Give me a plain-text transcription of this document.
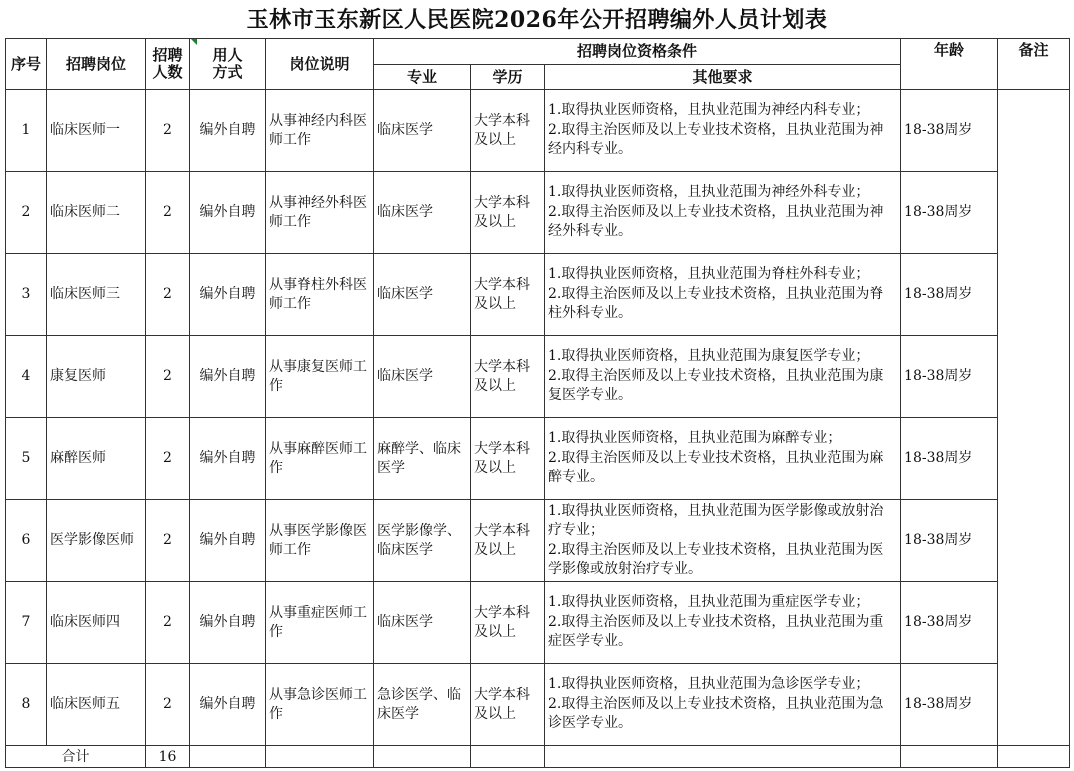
玉林市玉东新区人民医院2026年公开招聘编外人员计划表
序号	招聘岗位	招聘人数	用人方式	岗位说明	招聘岗位资格条件			年龄	备注
					专业	学历	其他要求		
1	临床医师一	2	编外自聘	从事神经内科医师工作	临床医学	大学本科及以上	1.取得执业医师资格，且执业范围为神经内科专业；
2.取得主治医师及以上专业技术资格，且执业范围为神经内科专业。	18-38周岁	
2	临床医师二	2	编外自聘	从事神经外科医师工作	临床医学	大学本科及以上	1.取得执业医师资格，且执业范围为神经外科专业；
2.取得主治医师及以上专业技术资格，且执业范围为神经外科专业。	18-38周岁	
3	临床医师三	2	编外自聘	从事脊柱外科医师工作	临床医学	大学本科及以上	1.取得执业医师资格，且执业范围为脊柱外科专业；
2.取得主治医师及以上专业技术资格，且执业范围为脊柱外科专业。	18-38周岁	
4	康复医师	2	编外自聘	从事康复医师工作	临床医学	大学本科及以上	1.取得执业医师资格，且执业范围为康复医学专业；
2.取得主治医师及以上专业技术资格，且执业范围为康复医学专业。	18-38周岁	
5	麻醉医师	2	编外自聘	从事麻醉医师工作	麻醉学、临床医学	大学本科及以上	1.取得执业医师资格，且执业范围为麻醉专业；
2.取得主治医师及以上专业技术资格，且执业范围为麻醉专业。	18-38周岁	
6	医学影像医师	2	编外自聘	从事医学影像医师工作	医学影像学、临床医学	大学本科及以上	1.取得执业医师资格，且执业范围为医学影像或放射治疗专业；
2.取得主治医师及以上专业技术资格，且执业范围为医学影像或放射治疗专业。	18-38周岁	
7	临床医师四	2	编外自聘	从事重症医师工作	临床医学	大学本科及以上	1.取得执业医师资格，且执业范围为重症医学专业；
2.取得主治医师及以上专业技术资格，且执业范围为重症医学专业。	18-38周岁	
8	临床医师五	2	编外自聘	从事急诊医师工作	急诊医学、临床医学	大学本科及以上	1.取得执业医师资格，且执业范围为急诊医学专业；
2.取得主治医师及以上专业技术资格，且执业范围为急诊医学专业。	18-38周岁	
合计		16							
